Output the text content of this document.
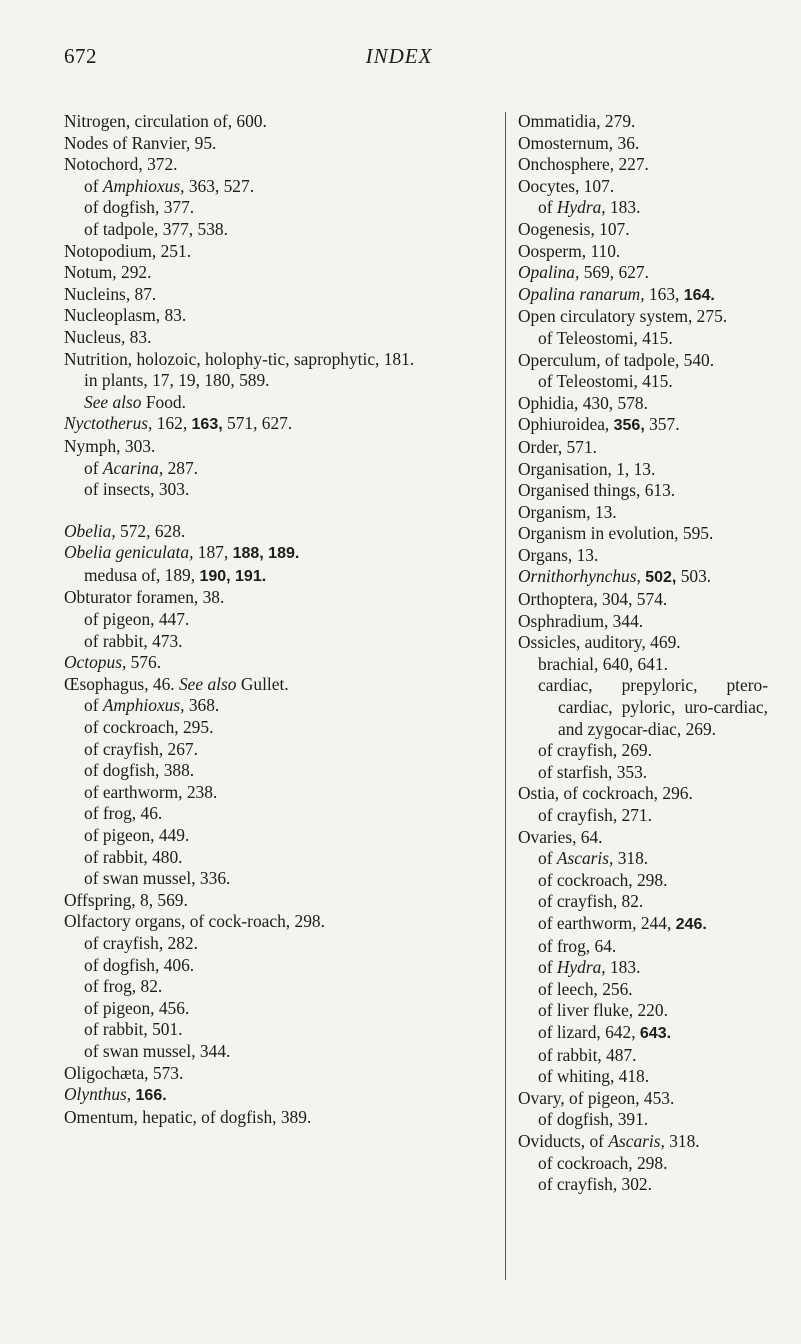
672	INDEX

Nitrogen, circulation of, 600.

Nodes of Ranvier, 95.

Notochord, 372.

of Amphioxus, 363, 527.

of dogfish, 377.

of tadpole, 377, 538.

Notopodium, 251.

Notum, 292.

Nucleins, 87.

Nucleoplasm, 83.

Nucleus, 83.

Nutrition, holozoic, holophy-tic, saprophytic, 181.

in plants, 17, 19, 180, 589.

See also Food.

Nyctotherus, 162, 163, 571, 627.

Nymph, 303.

of Acarina, 287.

of insects, 303.

Obelia, 572, 628.

Obelia geniculata, 187, 188, 189.

medusa of, 189, 190, 191.

Obturator foramen, 38.

of pigeon, 447.

of rabbit, 473.

Octopus, 576.

Œsophagus, 46. See also Gullet.

of Amphioxus, 368.

of cockroach, 295.

of crayfish, 267.

of dogfish, 388.

of earthworm, 238.

of frog, 46.

of pigeon, 449.

of rabbit, 480.

of swan mussel, 336.

Offspring, 8, 569.

Olfactory organs, of cock-roach, 298.

of crayfish, 282.

of dogfish, 406.

of frog, 82.

of pigeon, 456.

of rabbit, 501.

of swan mussel, 344.

Oligochæta, 573.

Olynthus, 166.

Omentum, hepatic, of dogfish, 389.

Ommatidia, 279.

Omosternum, 36.

Onchosphere, 227.

Oocytes, 107.

of Hydra, 183.

Oogenesis, 107.

Oosperm, 110.

Opalina, 569, 627.

Opalina ranarum, 163, 164.

Open circulatory system, 275.

of Teleostomi, 415.

Operculum, of tadpole, 540.

of Teleostomi, 415.

Ophidia, 430, 578.

Ophiuroidea, 356, 357.

Order, 571.

Organisation, 1, 13.

Organised things, 613.

Organism, 13.

Organism in evolution, 595.

Organs, 13.

Ornithorhynchus, 502, 503.

Orthoptera, 304, 574.

Osphradium, 344.

Ossicles, auditory, 469.

brachial, 640, 641.

cardiac, prepyloric, ptero-cardiac, pyloric, uro-cardiac, and zygocar-diac, 269.

of crayfish, 269.

of starfish, 353.

Ostia, of cockroach, 296.

of crayfish, 271.

Ovaries, 64.

of Ascaris, 318.

of cockroach, 298.

of crayfish, 82.

of earthworm, 244, 246.

of frog, 64.

of Hydra, 183.

of leech, 256.

of liver fluke, 220.

of lizard, 642, 643.

of rabbit, 487.

of whiting, 418.

Ovary, of pigeon, 453.

of dogfish, 391.

Oviducts, of Ascaris, 318.

of cockroach, 298.

of crayfish, 302.
